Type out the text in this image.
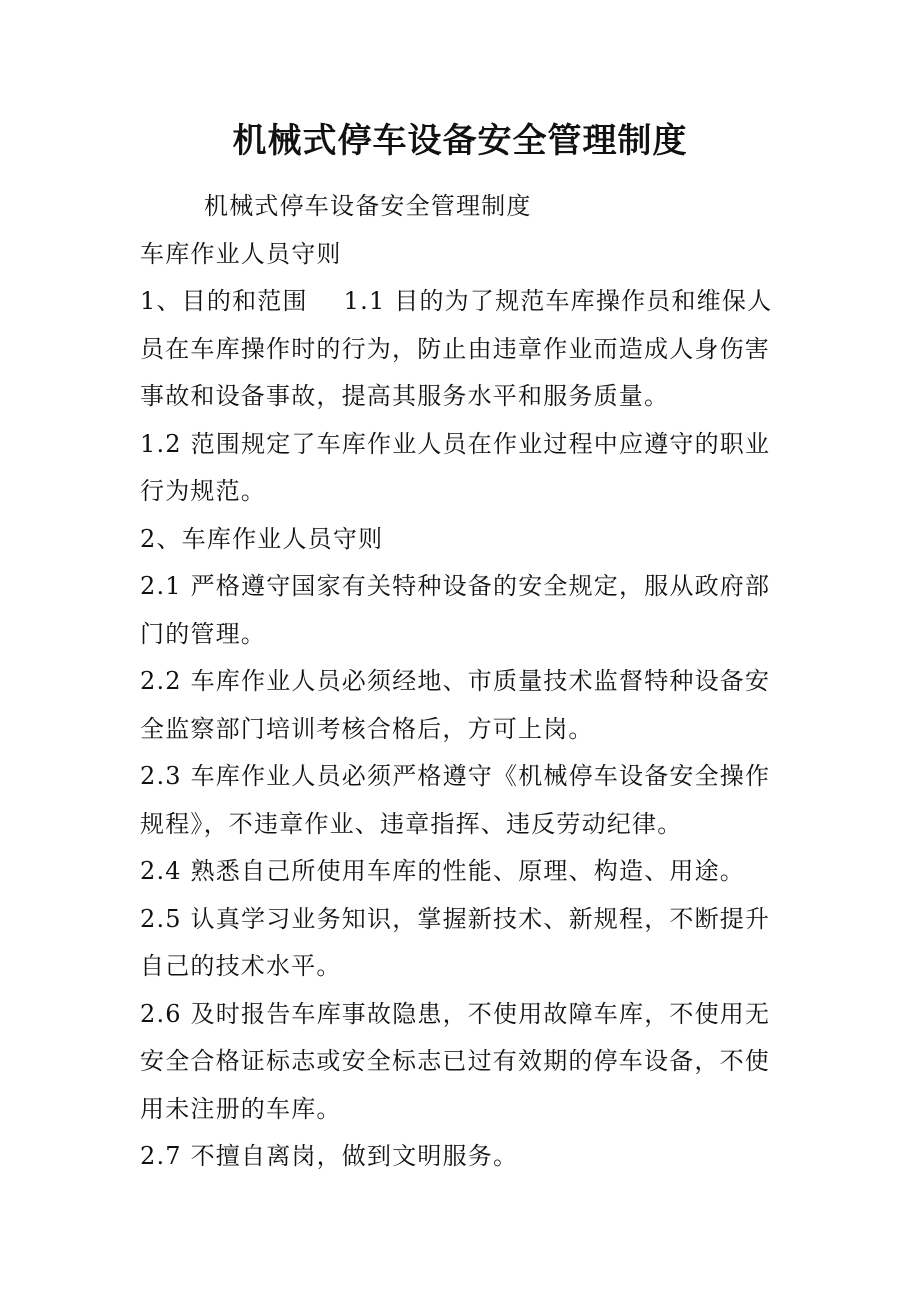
机械式停车设备安全管理制度

机械式停车设备安全管理制度

车库作业人员守则

1、目的和范围 1.1 目的为了规范车库操作员和维保人员在车库操作时的行为，防止由违章作业而造成人身伤害事故和设备事故，提高其服务水平和服务质量。

1.2 范围规定了车库作业人员在作业过程中应遵守的职业行为规范。

2、车库作业人员守则

2.1 严格遵守国家有关特种设备的安全规定，服从政府部门的管理。

2.2 车库作业人员必须经地、市质量技术监督特种设备安全监察部门培训考核合格后，方可上岗。

2.3 车库作业人员必须严格遵守《机械停车设备安全操作规程》，不违章作业、违章指挥、违反劳动纪律。

2.4 熟悉自己所使用车库的性能、原理、构造、用途。

2.5 认真学习业务知识，掌握新技术、新规程，不断提升自己的技术水平。

2.6 及时报告车库事故隐患，不使用故障车库，不使用无安全合格证标志或安全标志已过有效期的停车设备，不使用未注册的车库。

2.7 不擅自离岗，做到文明服务。
